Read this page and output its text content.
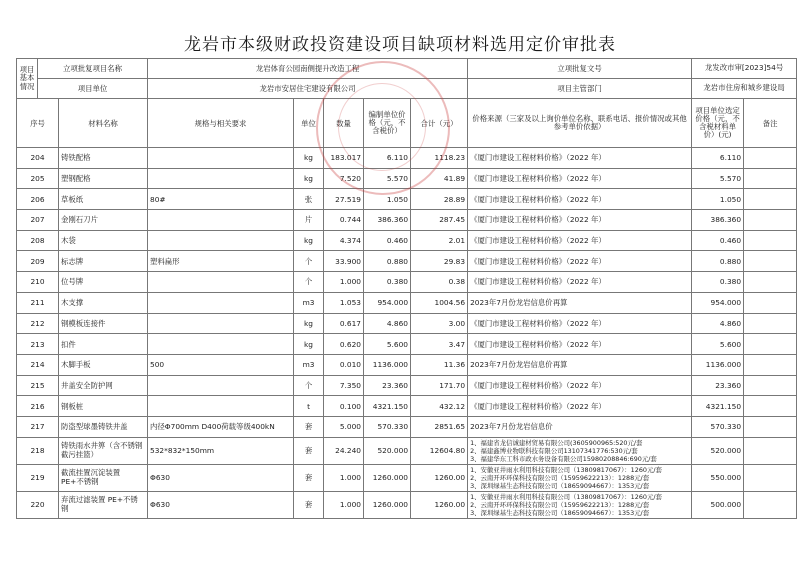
龙岩市本级财政投资建设项目缺项材料选用定价审批表
项目基本情况	立项批复项目名称		龙岩体育公园南侧提升改造工程					立项批复文号	龙发改市审[2023]54号	
	项目单位		龙岩市安居住宅建设有限公司					项目主管部门	龙岩市住房和城乡建设局	
序号		材料名称	规格与相关要求	单位	数量	编制单位价格（元，不含税价）	合计（元）	价格来源（三家及以上询价单位名称、联系电话、报价情况或其他参考单价依据）	项目单位选定价格（元，不含税材料单价）(元)	备注
204		铸铁配格		kg	183.017	6.110	1118.23	《厦门市建设工程材料价格》（2022 年）	6.110	
205		塑钢配格		kg	7.520	5.570	41.89	《厦门市建设工程材料价格》（2022 年）	5.570	
206		草板纸	80#	张	27.519	1.050	28.89	《厦门市建设工程材料价格》（2022 年）	1.050	
207		金刚石刀片		片	0.744	386.360	287.45	《厦门市建设工程材料价格》（2022 年）	386.360	
208		木袋		kg	4.374	0.460	2.01	《厦门市建设工程材料价格》（2022 年）	0.460	
209		标志牌	塑料扁形	个	33.900	0.880	29.83	《厦门市建设工程材料价格》（2022 年）	0.880	
210		位号牌		个	1.000	0.380	0.38	《厦门市建设工程材料价格》（2022 年）	0.380	
211		木支撑		m3	1.053	954.000	1004.56	2023年7月份龙岩信息价再算	954.000	
212		钢模板连接件		kg	0.617	4.860	3.00	《厦门市建设工程材料价格》（2022 年）	4.860	
213		扣件		kg	0.620	5.600	3.47	《厦门市建设工程材料价格》（2022 年）	5.600	
214		木脚手板	500	m3	0.010	1136.000	11.36	2023年7月份龙岩信息价再算	1136.000	
215		井盖安全防护网		个	7.350	23.360	171.70	《厦门市建设工程材料价格》（2022 年）	23.360	
216		钢板桩		t	0.100	4321.150	432.12	《厦门市建设工程材料价格》（2022 年）	4321.150	
217		防盗型球墨铸铁井盖	内径Φ700mm D400荷载等级400kN	套	5.000	570.330	2851.65	2023年7月份龙岩信息价	570.330	
218		铸铁雨水井箅（含不锈钢截污挂篮）	532*832*150mm	套	24.240	520.000	12604.80	1、福建省龙信诚建材贸易有限公司(3605900965:520元/套
2、福建鑫博业物联科技有限公司13107341776:530元/套
3、福建华东工科市政水务设备有限公司15980208846:690元/套	520.000	
219		截流挂置沉淀装置 PE+不锈钢	Φ630	套	1.000	1260.000	1260.00	1、安徽亚井雨水利用科技有限公司（13809817067）：1260元/套
2、云南开环环保科技有限公司（15959622213）：1288元/套
3、深圳绿基生态科技有限公司（18659094667）：1353元/套	550.000	
220		弃流过滤装置 PE+不锈钢	Φ630	套	1.000	1260.000	1260.00	1、安徽亚井雨水利用科技有限公司（13809817067）：1260元/套
2、云南开环环保科技有限公司（15959622213）：1288元/套
3、深圳绿基生态科技有限公司（18659094667）：1353元/套	500.000	
